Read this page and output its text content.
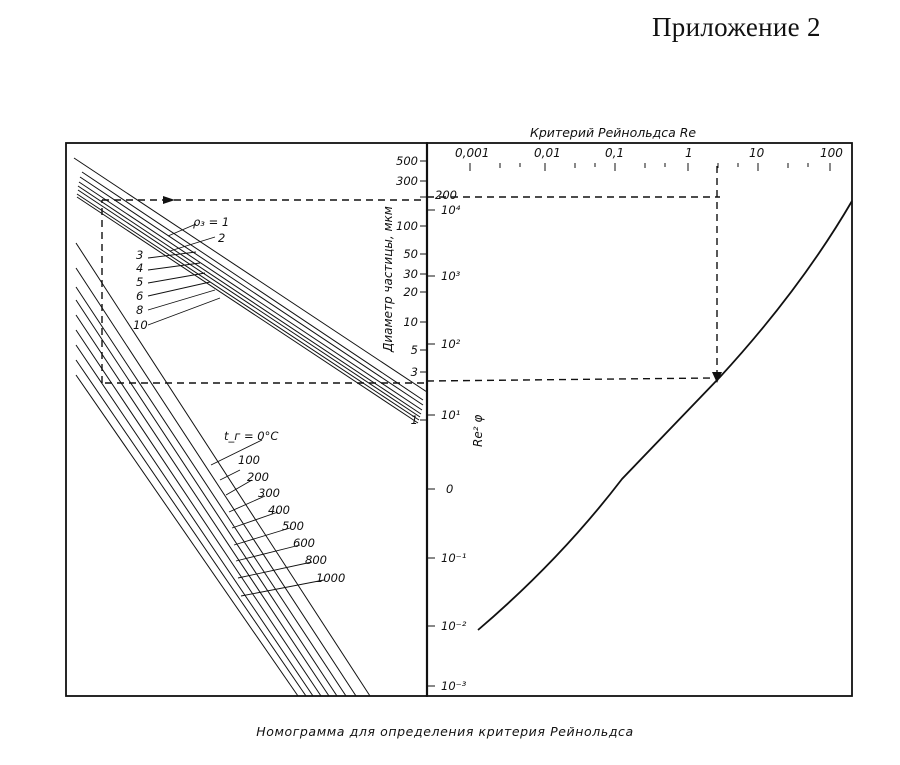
Приложение 2
Критерий Рейнольдса Re
0,001	0,01	0,1	1	10	100
500
300
200
100
50
30
20
10
5
3
1
Диаметр частицы, мкм	10⁴
10³
10²
10¹
0
10⁻¹
10⁻²
10⁻³
Re² φ
ρ₃ = 1
2
3
4
5
6
8
10
t_г = 0°C
100
200
300
400
500
600
800
1000
Номограмма для определения критерия Рейнольдса
